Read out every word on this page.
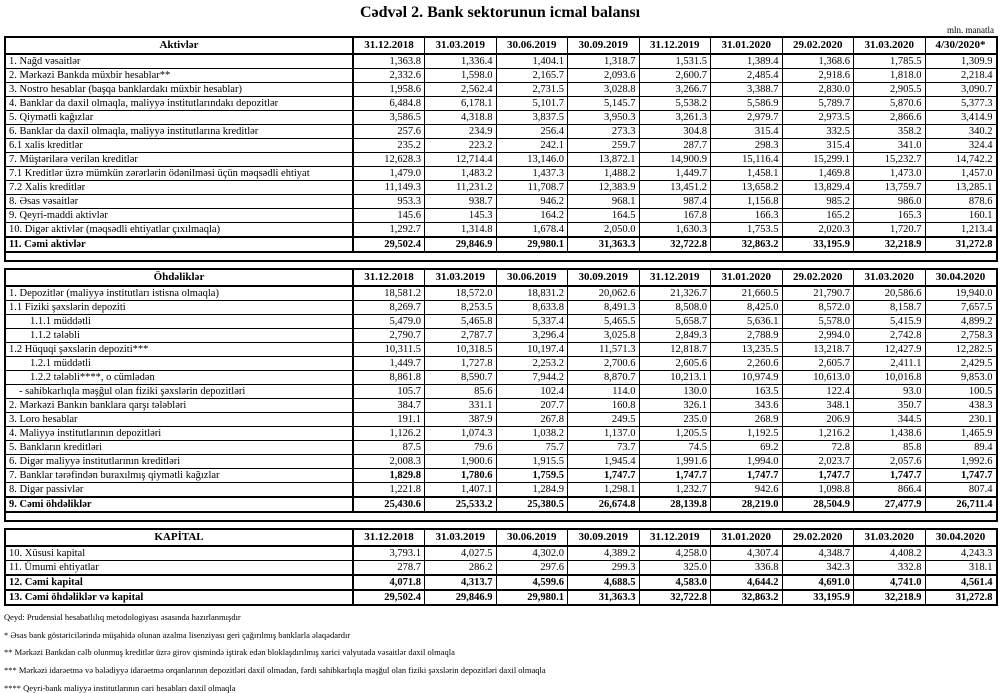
Cədvəl 2. Bank sektorunun icmal balansı
mln. manatla
Aktivlər	31.12.2018	31.03.2019	30.06.2019	30.09.2019	31.12.2019	31.01.2020	29.02.2020	31.03.2020	4/30/2020*
1. Nağd vəsaitlər	1,363.8	1,336.4	1,404.1	1,318.7	1,531.5	1,389.4	1,368.6	1,785.5	1,309.9
2. Mərkəzi Bankda müxbir hesablar**	2,332.6	1,598.0	2,165.7	2,093.6	2,600.7	2,485.4	2,918.6	1,818.0	2,218.4
3. Nostro hesablar (başqa banklardakı müxbir hesablar)	1,958.6	2,562.4	2,731.5	3,028.8	3,266.7	3,388.7	2,830.0	2,905.5	3,090.7
4. Banklar da daxil olmaqla, maliyyə institutlarındakı depozitlər	6,484.8	6,178.1	5,101.7	5,145.7	5,538.2	5,586.9	5,789.7	5,870.6	5,377.3
5. Qiymətli kağızlar	3,586.5	4,318.8	3,837.5	3,950.3	3,261.3	2,979.7	2,973.5	2,866.6	3,414.9
6. Banklar da daxil olmaqla, maliyyə institutlarına kreditlər	257.6	234.9	256.4	273.3	304.8	315.4	332.5	358.2	340.2
6.1 xalis kreditlər	235.2	223.2	242.1	259.7	287.7	298.3	315.4	341.0	324.4
7. Müştərilərə verilən kreditlər	12,628.3	12,714.4	13,146.0	13,872.1	14,900.9	15,116.4	15,299.1	15,232.7	14,742.2
7.1 Kreditlər üzrə mümkün zərərlərin ödənilməsi üçün məqsədli ehtiyat	1,479.0	1,483.2	1,437.3	1,488.2	1,449.7	1,458.1	1,469.8	1,473.0	1,457.0
7.2 Xalis kreditlər	11,149.3	11,231.2	11,708.7	12,383.9	13,451.2	13,658.2	13,829.4	13,759.7	13,285.1
8. Əsas vəsaitlər	953.3	938.7	946.2	968.1	987.4	1,156.8	985.2	986.0	878.6
9. Qeyri-maddi aktivlər	145.6	145.3	164.2	164.5	167.8	166.3	165.2	165.3	160.1
10. Digər aktivlər (məqsədli ehtiyatlar çıxılmaqla)	1,292.7	1,314.8	1,678.4	2,050.0	1,630.3	1,753.5	2,020.3	1,720.7	1,213.4
11. Cəmi aktivlər	29,502.4	29,846.9	29,980.1	31,363.3	32,722.8	32,863.2	33,195.9	32,218.9	31,272.8

Öhdəliklər	31.12.2018	31.03.2019	30.06.2019	30.09.2019	31.12.2019	31.01.2020	29.02.2020	31.03.2020	30.04.2020
1. Depozitlər (maliyyə institutları istisna olmaqla)	18,581.2	18,572.0	18,831.2	20,062.6	21,326.7	21,660.5	21,790.7	20,586.6	19,940.0
1.1 Fiziki şəxslərin depoziti	8,269.7	8,253.5	8,633.8	8,491.3	8,508.0	8,425.0	8,572.0	8,158.7	7,657.5
1.1.1 müddətli	5,479.0	5,465.8	5,337.4	5,465.5	5,658.7	5,636.1	5,578.0	5,415.9	4,899.2
1.1.2 tələbli	2,790.7	2,787.7	3,296.4	3,025.8	2,849.3	2,788.9	2,994.0	2,742.8	2,758.3
1.2 Hüquqi şəxslərin depoziti***	10,311.5	10,318.5	10,197.4	11,571.3	12,818.7	13,235.5	13,218.7	12,427.9	12,282.5
1.2.1 müddətli	1,449.7	1,727.8	2,253.2	2,700.6	2,605.6	2,260.6	2,605.7	2,411.1	2,429.5
1.2.2 tələbli****, o cümlədən	8,861.8	8,590.7	7,944.2	8,870.7	10,213.1	10,974.9	10,613.0	10,016.8	9,853.0
- sahibkarlıqla məşğul olan fiziki şəxslərin depozitləri	105.7	85.6	102.4	114.0	130.0	163.5	122.4	93.0	100.5
2. Mərkəzi Bankın banklara qarşı tələbləri	384.7	331.1	207.7	160.8	326.1	343.6	348.1	350.7	438.3
3. Loro hesablar	191.1	387.9	267.8	249.5	235.0	268.9	206.9	344.5	230.1
4. Maliyyə institutlarının depozitləri	1,126.2	1,074.3	1,038.2	1,137.0	1,205.5	1,192.5	1,216.2	1,438.6	1,465.9
5. Bankların kreditləri	87.5	79.6	75.7	73.7	74.5	69.2	72.8	85.8	89.4
6. Digər maliyyə institutlarının kreditləri	2,008.3	1,900.6	1,915.5	1,945.4	1,991.6	1,994.0	2,023.7	2,057.6	1,992.6
7. Banklar tərəfindən buraxılmış qiymətli kağızlar	1,829.8	1,780.6	1,759.5	1,747.7	1,747.7	1,747.7	1,747.7	1,747.7	1,747.7
8. Digər passivlər	1,221.8	1,407.1	1,284.9	1,298.1	1,232.7	942.6	1,098.8	866.4	807.4
9. Cəmi öhdəliklər	25,430.6	25,533.2	25,380.5	26,674.8	28,139.8	28,219.0	28,504.9	27,477.9	26,711.4

KAPİTAL	31.12.2018	31.03.2019	30.06.2019	30.09.2019	31.12.2019	31.01.2020	29.02.2020	31.03.2020	30.04.2020
10. Xüsusi kapital	3,793.1	4,027.5	4,302.0	4,389.2	4,258.0	4,307.4	4,348.7	4,408.2	4,243.3
11. Ümumi ehtiyatlar	278.7	286.2	297.6	299.3	325.0	336.8	342.3	332.8	318.1
12. Cəmi kapital	4,071.8	4,313.7	4,599.6	4,688.5	4,583.0	4,644.2	4,691.0	4,741.0	4,561.4
13. Cəmi öhdəliklər və kapital	29,502.4	29,846.9	29,980.1	31,363.3	32,722.8	32,863.2	33,195.9	32,218.9	31,272.8
Qeyd: Prudensial hesabatlılıq metodologiyası əsasında hazırlanmışdır
* Əsas bank göstəricilərində müşahidə olunan azalma lisenziyası geri çağırılmış banklarla əlaqədardır
** Mərkəzi Bankdan cəlb olunmuş kreditlər üzrə girov qismində iştirak edən bloklaşdırılmış xarici valyutada vəsaitlər daxil olmaqla
*** Mərkəzi idarəetmə və bələdiyyə idarəetmə orqanlarının depozitləri daxil olmadan, fərdi sahibkarlıqla məşğul olan fiziki şəxslərin depozitləri daxil olmaqla
**** Qeyri-bank maliyyə institutlarının cari hesabları daxil olmaqla
